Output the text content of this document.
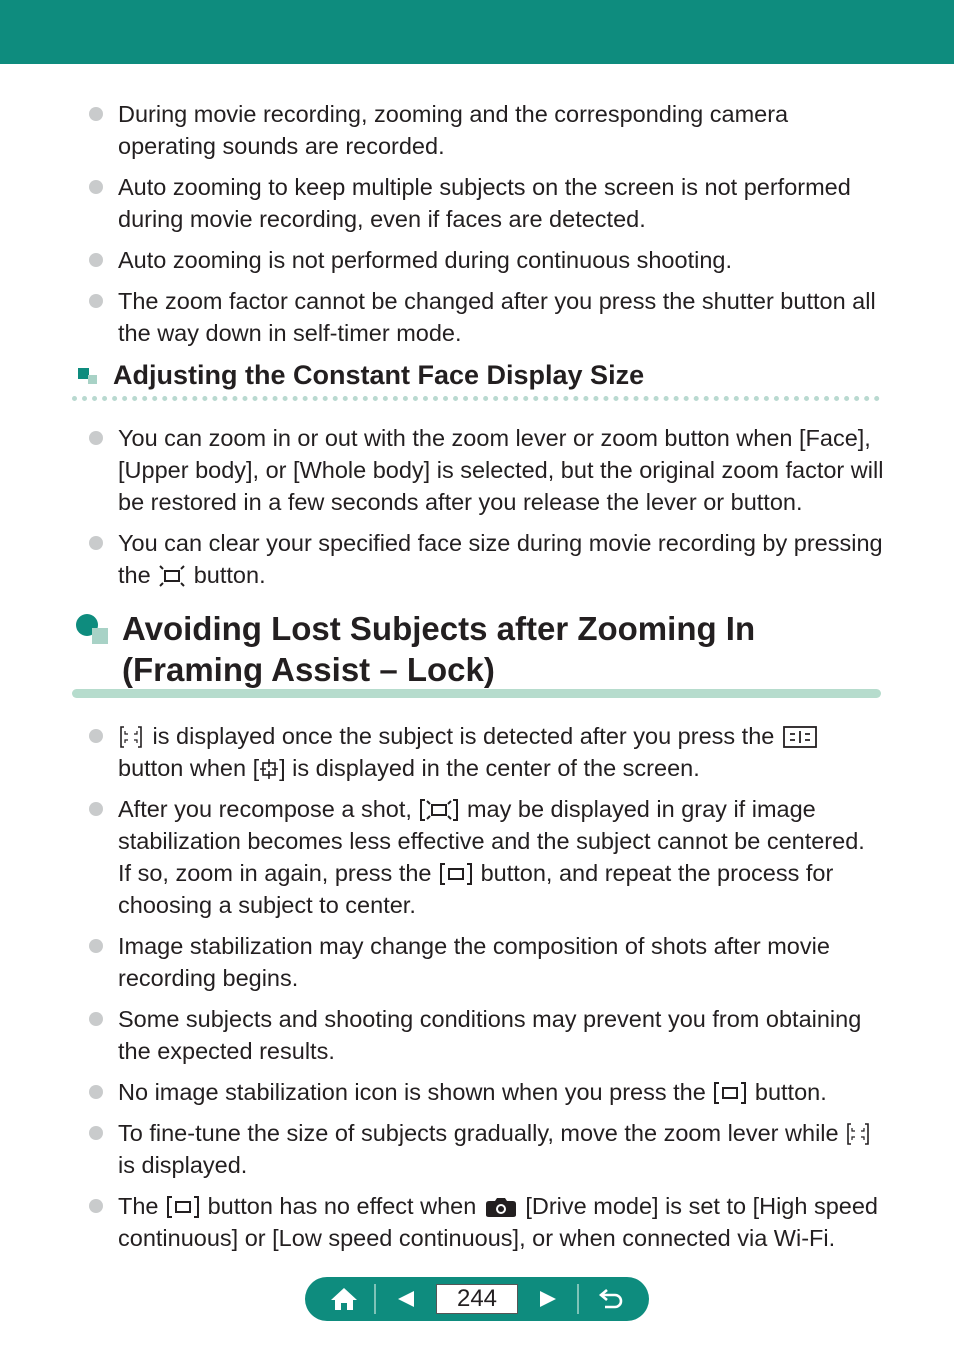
During movie recording, zooming and the corresponding camera operating sounds are recorded.
Auto zooming to keep multiple subjects on the screen is not performed during movie recording, even if faces are detected.
Auto zooming is not performed during continuous shooting.
The zoom factor cannot be changed after you press the shutter button all the way down in self-timer mode.
Adjusting the Constant Face Display Size
You can zoom in or out with the zoom lever or zoom button when [Face], [Upper body], or [Whole body] is selected, but the original zoom factor will be restored in a few seconds after you release the lever or button.
You can clear your specified face size during movie recording by pressing the button.
Avoiding Lost Subjects after Zooming In
(Framing Assist – Lock)
is displayed once the subject is detected after you press the  button when [ ] is displayed in the center of the screen.
After you recompose a shot, may be displayed in gray if image stabilization becomes less effective and the subject cannot be centered. If so, zoom in again, press the button, and repeat the process for choosing a subject to center.
Image stabilization may change the composition of shots after movie recording begins.
Some subjects and shooting conditions may prevent you from obtaining the expected results.
No image stabilization icon is shown when you press the button.
To fine-tune the size of subjects gradually, move the zoom lever while  is displayed.
The button has no effect when [Drive mode] is set to [High speed continuous] or [Low speed continuous], or when connected via Wi-Fi.
244
